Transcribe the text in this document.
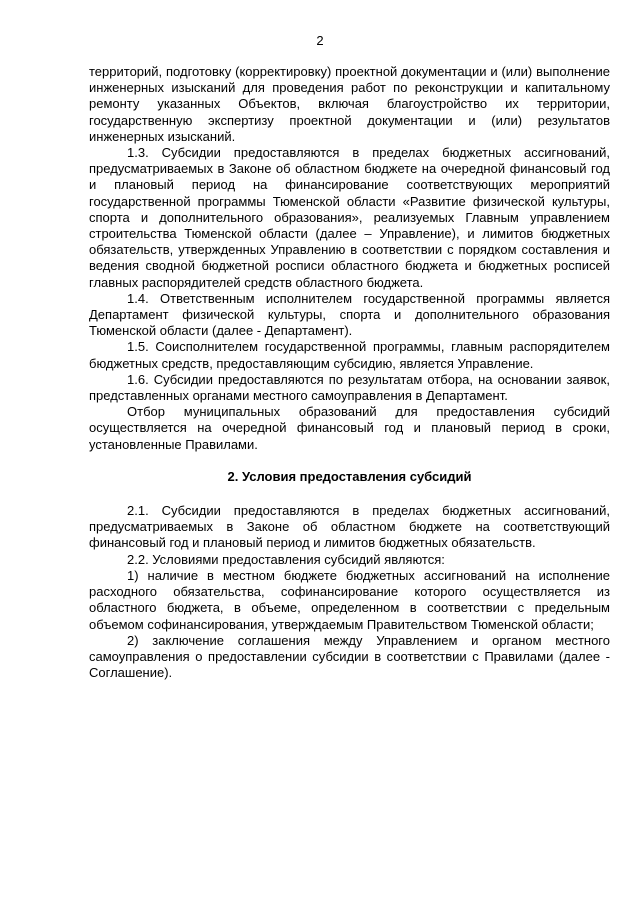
2

территорий, подготовку (корректировку) проектной документации и (или) выполнение инженерных изысканий для проведения работ по реконструкции и капитальному ремонту указанных Объектов, включая благоустройство их территории, государственную экспертизу проектной документации и (или) результатов инженерных изысканий.

1.3. Субсидии предоставляются в пределах бюджетных ассигнований, предусматриваемых в Законе об областном бюджете на очередной финансовый год и плановый период на финансирование соответствующих мероприятий государственной программы Тюменской области «Развитие физической культуры, спорта и дополнительного образования», реализуемых Главным управлением строительства Тюменской области (далее – Управление), и лимитов бюджетных обязательств, утвержденных Управлению в соответствии с порядком составления и ведения сводной бюджетной росписи областного бюджета и бюджетных росписей главных распорядителей средств областного бюджета.

1.4. Ответственным исполнителем государственной программы является Департамент физической культуры, спорта и дополнительного образования Тюменской области (далее - Департамент).

1.5. Соисполнителем государственной программы, главным распорядителем бюджетных средств, предоставляющим субсидию, является Управление.

1.6. Субсидии предоставляются по результатам отбора, на основании заявок, представленных органами местного самоуправления в Департамент.

Отбор муниципальных образований для предоставления субсидий осуществляется на очередной финансовый год и плановый период в сроки, установленные Правилами.

2. Условия предоставления субсидий

2.1. Субсидии предоставляются в пределах бюджетных ассигнований, предусматриваемых в Законе об областном бюджете на соответствующий финансовый год и плановый период и лимитов бюджетных обязательств.

2.2. Условиями предоставления субсидий являются:

1) наличие в местном бюджете бюджетных ассигнований на исполнение расходного обязательства, софинансирование которого осуществляется из областного бюджета, в объеме, определенном в соответствии с предельным объемом софинансирования, утверждаемым Правительством Тюменской области;

2) заключение соглашения между Управлением и органом местного самоуправления о предоставлении субсидии в соответствии с Правилами (далее - Соглашение).
